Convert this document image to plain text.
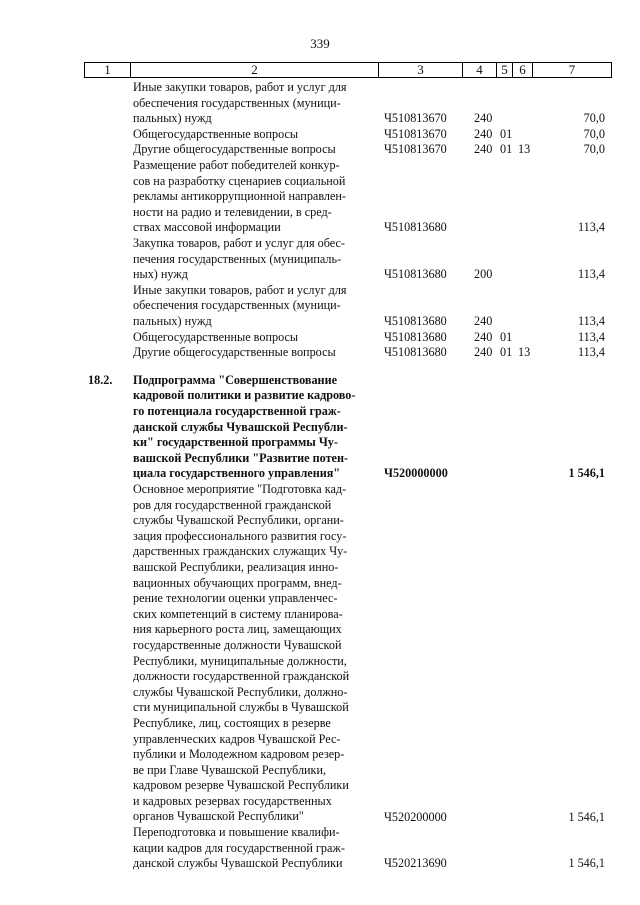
339
1	2	3	4	5 6	7
Иные закупки товаров, работ и услуг для
обеспечения государственных (муници-
пальных) нужд	Ч510813670	240	70,0
Общегосударственные вопросы	Ч510813670	240 01	70,0
Другие общегосударственные вопросы	Ч510813670	240 01 13	70,0
Размещение работ победителей конкур-
сов на разработку сценариев социальной
рекламы антикоррупционной направлен-
ности на радио и телевидении, в сред-
ствах массовой информации	Ч510813680	113,4
Закупка товаров, работ и услуг для обес-
печения государственных (муниципаль-
ных) нужд	Ч510813680	200	113,4
Иные закупки товаров, работ и услуг для
обеспечения государственных (муници-
пальных) нужд	Ч510813680	240	113,4
Общегосударственные вопросы	Ч510813680	240 01	113,4
Другие общегосударственные вопросы	Ч510813680	240 01 13	113,4
18.2.	Подпрограмма "Совершенствование
кадровой политики и развитие кадрово-
го потенциала государственной граж-
данской службы Чувашской Республи-
ки" государственной программы Чу-
вашской Республики "Развитие потен-
циала государственного управления"	Ч520000000	1 546,1
Основное мероприятие "Подготовка кад-
ров для государственной гражданской
службы Чувашской Республики, органи-
зация профессионального развития госу-
дарственных гражданских служащих Чу-
вашской Республики, реализация инно-
вационных обучающих программ, внед-
рение технологии оценки управленчес-
ских компетенций в систему планирова-
ния карьерного роста лиц, замещающих
государственные должности Чувашской
Республики, муниципальные должности,
должности государственной гражданской
службы Чувашской Республики, должно-
сти муниципальной службы в Чувашской
Республике, лиц, состоящих в резерве
управленческих кадров Чувашской Рес-
публики и Молодежном кадровом резер-
ве при Главе Чувашской Республики,
кадровом резерве Чувашской Республики
и кадровых резервах государственных
органов Чувашской Республики"	Ч520200000	1 546,1
Переподготовка и повышение квалифи-
кации кадров для государственной граж-
данской службы Чувашской Республики	Ч520213690	1 546,1
